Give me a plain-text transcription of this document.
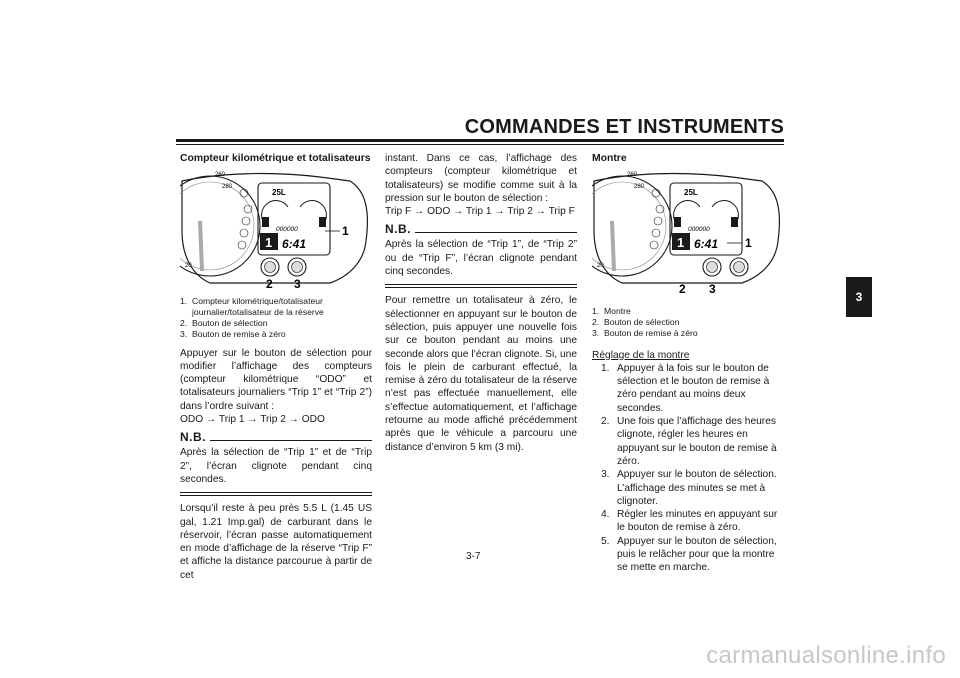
COMMANDES ET INSTRUMENTS
3
Compteur kilométrique et totalisateurs
260
280
20
25L
000000
1 6:41
1
2 3
1. Compteur kilométrique/totalisateur journalier/totalisateur de la réserve
2. Bouton de sélection
3. Bouton de remise à zéro

Appuyer sur le bouton de sélection pour modifier l’affichage des compteurs (compteur kilométrique “ODO” et totalisateurs journaliers “Trip 1” et “Trip 2”) dans l’ordre suivant :

ODO → Trip 1 → Trip 2 → ODO

N.B.

Après la sélection de “Trip 1” et de “Trip 2”, l’écran clignote pendant cinq secondes.

Lorsqu’il reste à peu près 5.5 L (1.45 US gal, 1.21 Imp.gal) de carburant dans le réservoir, l’écran passe automatiquement en mode d’affichage de la réserve “Trip F” et affiche la distance parcourue à partir de cet

instant. Dans ce cas, l’affichage des compteurs (compteur kilométrique et totalisateurs) se modifie comme suit à la pression sur le bouton de sélection :

Trip F → ODO → Trip 1 → Trip 2 → Trip F

N.B.

Après la sélection de “Trip 1”, de “Trip 2” ou de “Trip F”, l’écran clignote pendant cinq secondes.

Pour remettre un totalisateur à zéro, le sélectionner en appuyant sur le bouton de sélection, puis appuyer une nouvelle fois sur ce bouton pendant au moins une seconde alors que l’écran clignote. Si, une fois le plein de carburant effectué, la remise à zéro du totalisateur de la réserve n’est pas effectuée manuellement, elle s’effectue automatiquement, et l’affichage retourne au mode affiché précédemment après que le véhicule a parcouru une distance d’environ 5 km (3 mi).

Montre
260
280
20
25L
000000
1 6:41 1
2 3
1. Montre
2. Bouton de sélection
3. Bouton de remise à zéro
Réglage de la montre
1. Appuyer à la fois sur le bouton de sélection et le bouton de remise à zéro pendant au moins deux secondes.
2. Une fois que l’affichage des heures clignote, régler les heures en appuyant sur le bouton de remise à zéro.
3. Appuyer sur le bouton de sélection. L’affichage des minutes se met à clignoter.
4. Régler les minutes en appuyant sur le bouton de remise à zéro.
5. Appuyer sur le bouton de sélection, puis le relâcher pour que la montre se mette en marche.
3-7
carmanualsonline.info
